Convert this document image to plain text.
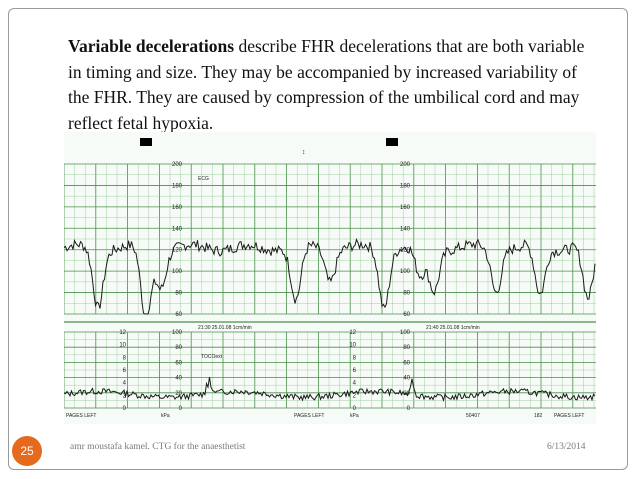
Variable decelerations describe FHR decelerations that are both variable in timing and size. They may be accompanied by increased variability of the FHR. They are caused by compression of the umbilical cord and may reflect fetal hypoxia.

↕
200
180
160
140
120
100
80
60
200
180
160
140
120
100
80
60
100
80
60
40
20
0
100
80
60
40
20
0
12
10
8
6
4
2
0
12
10
8
6
4
2
0
ECG
TOCOext
21:30 25.01.08 1cm/min	21:40 25.01.08 1cm/min
PAGES LEFT	kPa	PAGES LEFT	kPa	50407	182 PAGES LEFT
25	amr moustafa kamel. CTG for the anaesthetist	6/13/2014
